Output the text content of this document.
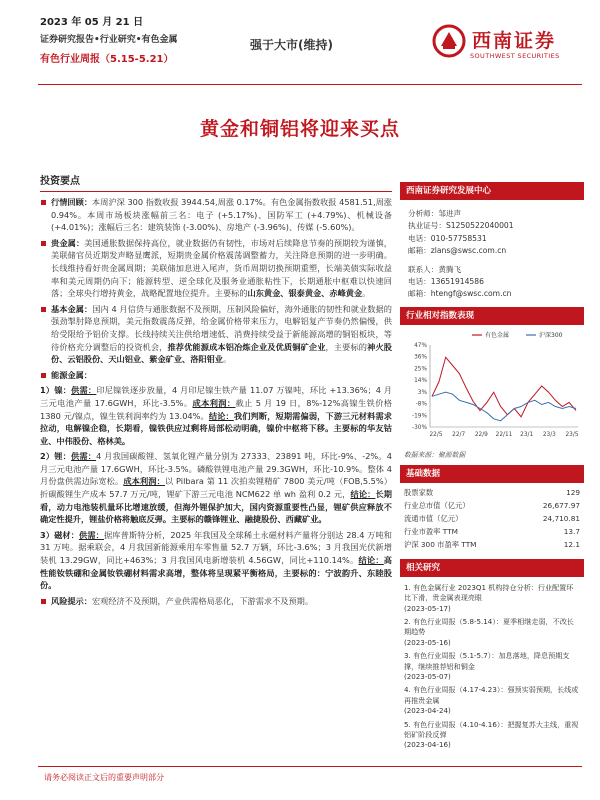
2023 年 05 月 21 日
证券研究报告•行业研究•有色金属
有色行业周报（5.15-5.21）
强于大市(维持)	西南证券
SOUTHWEST SECURITIES
黄金和铜铝将迎来买点
投资要点
行情回顾：本周沪深 300 指数收报 3944.54,周涨 0.17%。有色金属指数收报 4581.51,周涨 0.94%。本周市场板块涨幅前三名：电子 (+5.17%)、国防军工 (+4.79%)、机械设备 (+4.01%)；涨幅后三名：建筑装饰 (-3.00%)、房地产 (-3.96%)、传媒 (-5.60%)。
贵金属：美国通胀数据保持高位，就业数据仍有韧性，市场对后续降息节奏的预期较为谨慎，美联储官员近期发声略显鹰派，短期贵金属价格震荡调整蓄力，关注降息预期的进一步明确。长线维持看好贵金属周期；美联储加息进入尾声，货币周期切换预期重塑，长端美债实际收益率和美元周期仍向下；能源转型、逆全球化及服务业通胀粘性下，长期通胀中枢难以快速回落；全球央行增持黄金，战略配置地位提升。主要标的山东黄金、银泰黄金、赤峰黄金。
基本金属：国内 4 月信贷与通胀数据不及预期，压制风险偏好，海外通胀的韧性和就业数据的强劲掣肘降息预期，美元指数震荡反弹，给金属价格带来压力，电解铝复产节奏仍然偏慢，供给受限给予铝价支撑。长线持续关注供给增速低、消费持续受益于新能源高增的铜铝板块，等待价格充分调整后的投资机会，推荐优能源成本铝冶炼企业及优质铜矿企业，主要标的神火股份、云铝股份、天山铝业、紫金矿业、洛阳钼业。
能源金属：
1）镍：供需：印尼镍铁逐步放量，4 月印尼镍生铁产量 11.07 万镍吨，环比 +13.36%；4 月三元电池产量 17.6GWH，环比-3.5%。成本利润：截止 5 月 19 日，8%-12%高镍生铁价格 1380 元/镍点，镍生铁利润率约为 13.04%。结论：我们判断，短期需偏弱，下游三元材料需求拉动，电解镍企稳，长期看，镍铁供应过剩将局部松动明确，镍价中枢将下移。主要标的华友钴业、中伟股份、格林美。
2）锂：供需：4 月我国碳酸锂、氢氧化锂产量分别为 27333、23891 吨，环比-9%、-2%。4 月三元电池产量 17.6GWH，环比-3.5%。磷酸铁锂电池产量 29.3GWH，环比-10.9%。整体 4 月份盘供需边际宽松。成本利润：以 Pilbara 第 11 次拍卖锂精矿 7800 美元/吨（FOB,5.5%）折碳酸锂生产成本 57.7 万元/吨，锂矿下游三元电池 NCM622 单 wh 盈利 0.2 元，结论：长期看，动力电池装机量环比增速放缓，但海外锂保护加大，国内资源重要性凸显，锂矿供应释放不确定性提升，锂盐价格将触底反弹。主要标的赣锋锂业、融捷股份、西藏矿业。
3）磁材：供需：据库普斯特分析，2025 年我国及全球稀土永磁材料产量将分别达 28.4 万吨和 31 万吨。据乘联会，4 月我国新能源乘用车零售量 52.7 万辆，环比-3.6%；3 月我国光伏新增装机 13.29GW，同比+463%；3 月我国风电新增装机 4.56GW，同比+110.14%。结论：高性能钕铁硼和金属钕铁硼材料需求高增，整体将呈现紧平衡格局，主要标的：宁波韵升、东睦股份。
风险提示：宏观经济不及预期，产业供需格局恶化，下游需求不及预期。
西南证券研究发展中心
分析师：邹进声
执业证号：S1250522040001
电话：010-57758531
邮箱：zlans@swsc.com.cn
联系人：黄腾飞
电话：13651914586
邮箱：htengf@swsc.com.cn
行业相对指数表现
47%
36%
25%
14%
3%
-8%
-19%
-30%
22/5 22/7 22/9 22/11 23/1 23/3 23/5
有色金属	沪深300
数据来源：聚源数据
基础数据
股票家数	129
行业总市值（亿元）	26,677.97
流通市值（亿元）	24,710.81
行业市盈率 TTM	13.7
沪深 300 市盈率 TTM	12.1
相关研究
1. 有色金属行业 2023Q1 机构持仓分析：行业配置环比下滑，贵金属表现亮眼
(2023-05-17)
2. 有色行业周报（5.8-5.14）：夏季相继走弱，不改长期趋势
(2023-05-16)
3. 有色行业周报（5.1-5.7）：加息落地，降息预期支撑，继续推荐铝和铜金
(2023-05-07)
4. 有色行业周报（4.17-4.23）：强预实弱预期，长线或再推贵金属
(2023-04-24)
5. 有色行业周报（4.10-4.16）：把握复苏大主线，重视铝矿阶段反弹
(2023-04-16)
请务必阅读正文后的重要声明部分
